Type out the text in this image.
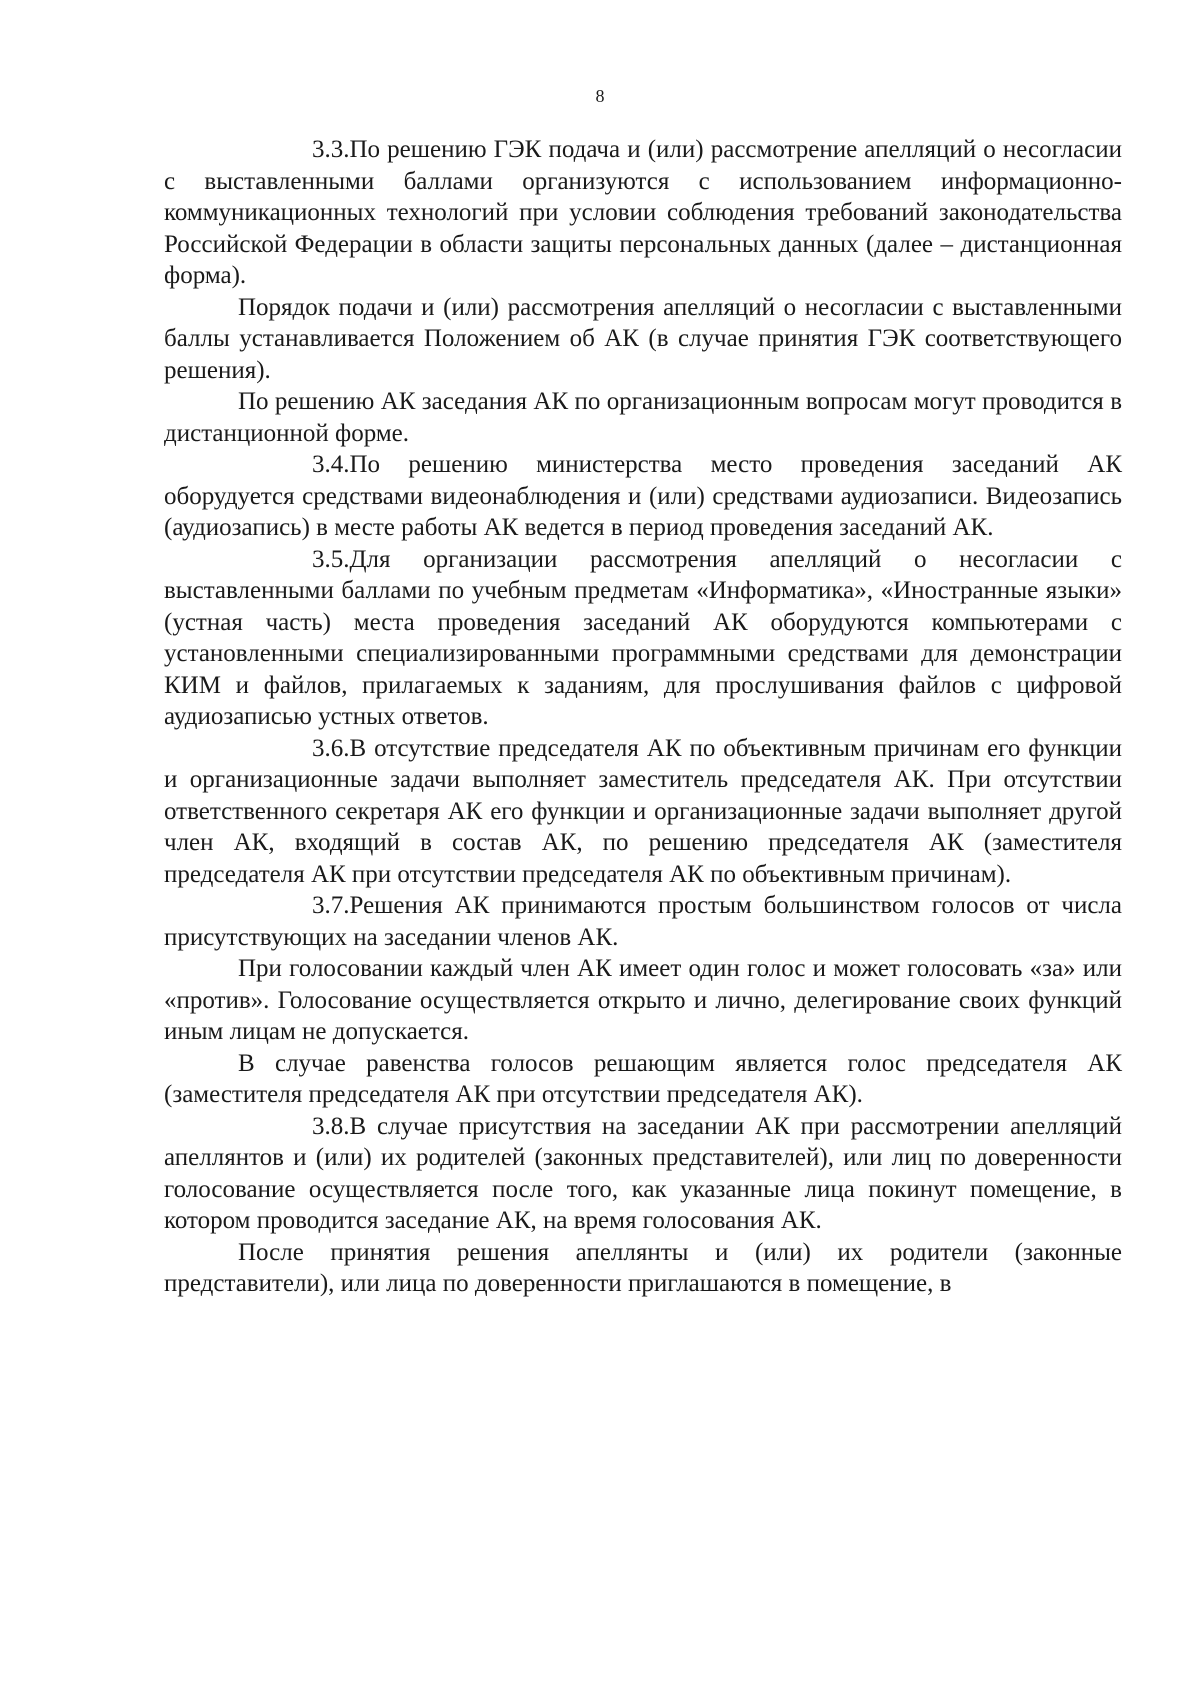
8

3.3.По решению ГЭК подача и (или) рассмотрение апелляций о несогласии с выставленными баллами организуются с использованием информационно-коммуникационных технологий при условии соблюдения требований законодательства Российской Федерации в области защиты персональных данных (далее – дистанционная форма).

Порядок подачи и (или) рассмотрения апелляций о несогласии с выставленными баллы устанавливается Положением об АК (в случае принятия ГЭК соответствующего решения).

По решению АК заседания АК по организационным вопросам могут проводится в дистанционной форме.

3.4.По решению министерства место проведения заседаний АК оборудуется средствами видеонаблюдения и (или) средствами аудиозаписи. Видеозапись (аудиозапись) в месте работы АК ведется в период проведения заседаний АК.

3.5.Для организации рассмотрения апелляций о несогласии с выставленными баллами по учебным предметам «Информатика», «Иностранные языки» (устная часть) места проведения заседаний АК оборудуются компьютерами с установленными специализированными программными средствами для демонстрации КИМ и файлов, прилагаемых к заданиям, для прослушивания файлов с цифровой аудиозаписью устных ответов.

3.6.В отсутствие председателя АК по объективным причинам его функции и организационные задачи выполняет заместитель председателя АК. При отсутствии ответственного секретаря АК его функции и организационные задачи выполняет другой член АК, входящий в состав АК, по решению председателя АК (заместителя председателя АК при отсутствии председателя АК по объективным причинам).

3.7.Решения АК принимаются простым большинством голосов от числа присутствующих на заседании членов АК.

При голосовании каждый член АК имеет один голос и может голосовать «за» или «против». Голосование осуществляется открыто и лично, делегирование своих функций иным лицам не допускается.

В случае равенства голосов решающим является голос председателя АК (заместителя председателя АК при отсутствии председателя АК).

3.8.В случае присутствия на заседании АК при рассмотрении апелляций апеллянтов и (или) их родителей (законных представителей), или лиц по доверенности голосование осуществляется после того, как указанные лица покинут помещение, в котором проводится заседание АК, на время голосования АК.

После принятия решения апеллянты и (или) их родители (законные представители), или лица по доверенности приглашаются в помещение, в
